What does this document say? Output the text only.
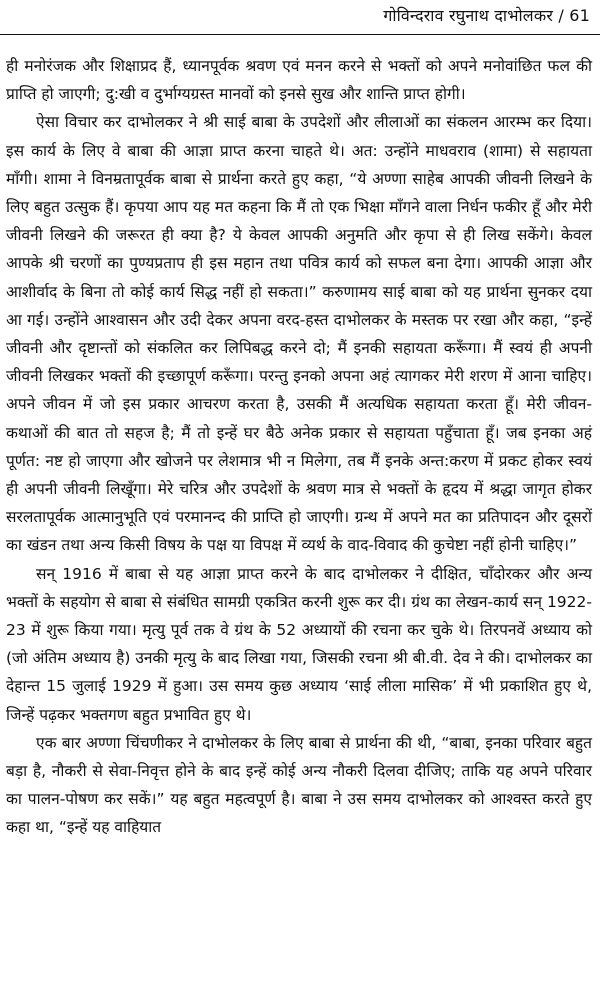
गोविन्दराव रघुनाथ दाभोलकर / 61

ही मनोरंजक और शिक्षाप्रद हैं, ध्यानपूर्वक श्रवण एवं मनन करने से भक्तों को अपने मनोवांछित फल की प्राप्ति हो जाएगी; दु:खी व दुर्भाग्यग्रस्त मानवों को इनसे सुख और शान्ति प्राप्त होगी।

ऐसा विचार कर दाभोलकर ने श्री साई बाबा के उपदेशों और लीलाओं का संकलन आरम्भ कर दिया। इस कार्य के लिए वे बाबा की आज्ञा प्राप्त करना चाहते थे। अत: उन्होंने माधवराव (शामा) से सहायता माँगी। शामा ने विनम्रतापूर्वक बाबा से प्रार्थना करते हुए कहा, “ये अण्णा साहेब आपकी जीवनी लिखने के लिए बहुत उत्सुक हैं। कृपया आप यह मत कहना कि मैं तो एक भिक्षा माँगने वाला निर्धन फकीर हूँ और मेरी जीवनी लिखने की जरूरत ही क्या है? ये केवल आपकी अनुमति और कृपा से ही लिख सकेंगे। केवल आपके श्री चरणों का पुण्यप्रताप ही इस महान तथा पवित्र कार्य को सफल बना देगा। आपकी आज्ञा और आशीर्वाद के बिना तो कोई कार्य सिद्ध नहीं हो सकता।” करुणामय साई बाबा को यह प्रार्थना सुनकर दया आ गई। उन्होंने आश्वासन और उदी देकर अपना वरद-हस्त दाभोलकर के मस्तक पर रखा और कहा, “इन्हें जीवनी और दृष्टान्तों को संकलित कर लिपिबद्ध करने दो; मैं इनकी सहायता करूँगा। मैं स्वयं ही अपनी जीवनी लिखकर भक्तों की इच्छापूर्ण करूँगा। परन्तु इनको अपना अहं त्यागकर मेरी शरण में आना चाहिए। अपने जीवन में जो इस प्रकार आचरण करता है, उसकी मैं अत्यधिक सहायता करता हूँ। मेरी जीवन-कथाओं की बात तो सहज है; मैं तो इन्हें घर बैठे अनेक प्रकार से सहायता पहुँचाता हूँ। जब इनका अहं पूर्णत: नष्ट हो जाएगा और खोजने पर लेशमात्र भी न मिलेगा, तब मैं इनके अन्त:करण में प्रकट होकर स्वयं ही अपनी जीवनी लिखूँगा। मेरे चरित्र और उपदेशों के श्रवण मात्र से भक्तों के हृदय में श्रद्धा जागृत होकर सरलतापूर्वक आत्मानुभूति एवं परमानन्द की प्राप्ति हो जाएगी। ग्रन्थ में अपने मत का प्रतिपादन और दूसरों का खंडन तथा अन्य किसी विषय के पक्ष या विपक्ष में व्यर्थ के वाद-विवाद की कुचेष्टा नहीं होनी चाहिए।”

सन् 1916 में बाबा से यह आज्ञा प्राप्त करने के बाद दाभोलकर ने दीक्षित, चाँदोरकर और अन्य भक्तों के सहयोग से बाबा से संबंधित सामग्री एकत्रित करनी शुरू कर दी। ग्रंथ का लेखन-कार्य सन् 1922-23 में शुरू किया गया। मृत्यु पूर्व तक वे ग्रंथ के 52 अध्यायों की रचना कर चुके थे। तिरपनवें अध्याय को (जो अंतिम अध्याय है) उनकी मृत्यु के बाद लिखा गया, जिसकी रचना श्री बी.वी. देव ने की। दाभोलकर का देहान्त 15 जुलाई 1929 में हुआ। उस समय कुछ अध्याय ‘साई लीला मासिक’ में भी प्रकाशित हुए थे, जिन्हें पढ़कर भक्तगण बहुत प्रभावित हुए थे।

एक बार अण्णा चिंचणीकर ने दाभोलकर के लिए बाबा से प्रार्थना की थी, “बाबा, इनका परिवार बहुत बड़ा है, नौकरी से सेवा-निवृत्त होने के बाद इन्हें कोई अन्य नौकरी दिलवा दीजिए; ताकि यह अपने परिवार का पालन-पोषण कर सकें।” यह बहुत महत्वपूर्ण है। बाबा ने उस समय दाभोलकर को आश्वस्त करते हुए कहा था, “इन्हें यह वाहियात
